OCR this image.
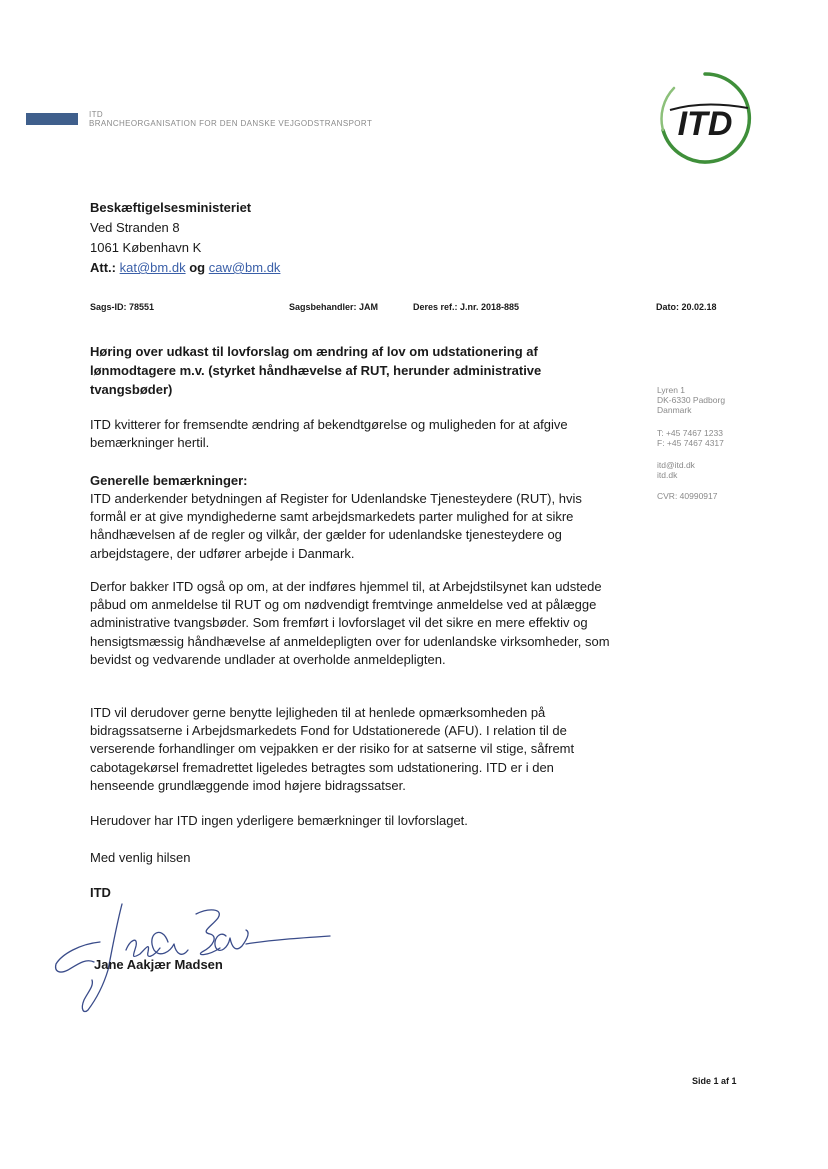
ITD
BRANCHEORGANISATION FOR DEN DANSKE VEJGODSTRANSPORT	ITD
Beskæftigelsesministeriet
Ved Stranden 8
1061 København K
Att.: kat@bm.dk og caw@bm.dk
Sags-ID: 78551	Sagsbehandler: JAM	Deres ref.: J.nr. 2018-885	Dato: 20.02.18
Høring over udkast til lovforslag om ændring af lov om udstationering af lønmodtagere m.v. (styrket håndhævelse af RUT, herunder administrative tvangsbøder)	Lyren 1
DK-6330 Padborg
Danmark
T: +45 7467 1233
F: +45 7467 4317
itd@itd.dk
itd.dk
CVR: 40990917
ITD kvitterer for fremsendte ændring af bekendtgørelse og muligheden for at afgive bemærkninger hertil.
Generelle bemærkninger:
ITD anderkender betydningen af Register for Udenlandske Tjenesteydere (RUT), hvis formål er at give myndighederne samt arbejdsmarkedets parter mulighed for at sikre håndhævelsen af de regler og vilkår, der gælder for udenlandske tjenesteydere og arbejdstagere, der udfører arbejde i Danmark.
Derfor bakker ITD også op om, at der indføres hjemmel til, at Arbejdstilsynet kan udstede påbud om anmeldelse til RUT og om nødvendigt fremtvinge anmeldelse ved at pålægge administrative tvangsbøder. Som fremført i lovforslaget vil det sikre en mere effektiv og hensigtsmæssig håndhævelse af anmeldepligten over for udenlandske virksomheder, som bevidst og vedvarende undlader at overholde anmeldepligten.
ITD vil derudover gerne benytte lejligheden til at henlede opmærksomheden på bidragssatserne i Arbejdsmarkedets Fond for Udstationerede (AFU). I relation til de verserende forhandlinger om vejpakken er der risiko for at satserne vil stige, såfremt cabotagekørsel fremadrettet ligeledes betragtes som udstationering. ITD er i den henseende grundlæggende imod højere bidragssatser.
Herudover har ITD ingen yderligere bemærkninger til lovforslaget.
Med venlig hilsen
ITD
Jane Aakjær Madsen
Side 1 af 1
